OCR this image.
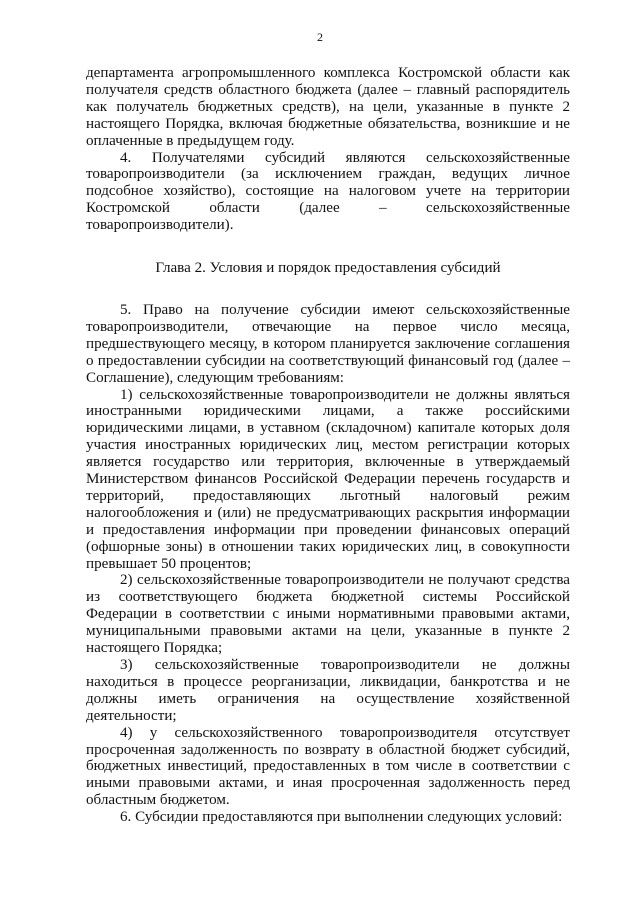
2

департамента агропромышленного комплекса Костромской области как получателя средств областного бюджета (далее – главный распорядитель как получатель бюджетных средств), на цели, указанные в пункте 2 настоящего Порядка, включая бюджетные обязательства, возникшие и не оплаченные в предыдущем году.

4. Получателями субсидий являются сельскохозяйственные товаропроизводители (за исключением граждан, ведущих личное подсобное хозяйство), состоящие на налоговом учете на территории Костромской области (далее – сельскохозяйственные товаропроизводители).

Глава 2. Условия и порядок предоставления субсидий

5. Право на получение субсидии имеют сельскохозяйственные товаропроизводители, отвечающие на первое число месяца, предшествующего месяцу, в котором планируется заключение соглашения о предоставлении субсидии на соответствующий финансовый год (далее – Соглашение), следующим требованиям:

1) сельскохозяйственные товаропроизводители не должны являться иностранными юридическими лицами, а также российскими юридическими лицами, в уставном (складочном) капитале которых доля участия иностранных юридических лиц, местом регистрации которых является государство или территория, включенные в утверждаемый Министерством финансов Российской Федерации перечень государств и территорий, предоставляющих льготный налоговый режим налогообложения и (или) не предусматривающих раскрытия информации и предоставления информации при проведении финансовых операций (офшорные зоны) в отношении таких юридических лиц, в совокупности превышает 50 процентов;

2) сельскохозяйственные товаропроизводители не получают средства из соответствующего бюджета бюджетной системы Российской Федерации в соответствии с иными нормативными правовыми актами, муниципальными правовыми актами на цели, указанные в пункте 2 настоящего Порядка;

3) сельскохозяйственные товаропроизводители не должны находиться в процессе реорганизации, ликвидации, банкротства и не должны иметь ограничения на осуществление хозяйственной деятельности;

4) у сельскохозяйственного товаропроизводителя отсутствует просроченная задолженность по возврату в областной бюджет субсидий, бюджетных инвестиций, предоставленных в том числе в соответствии с иными правовыми актами, и иная просроченная задолженность перед областным бюджетом.

6. Субсидии предоставляются при выполнении следующих условий:
